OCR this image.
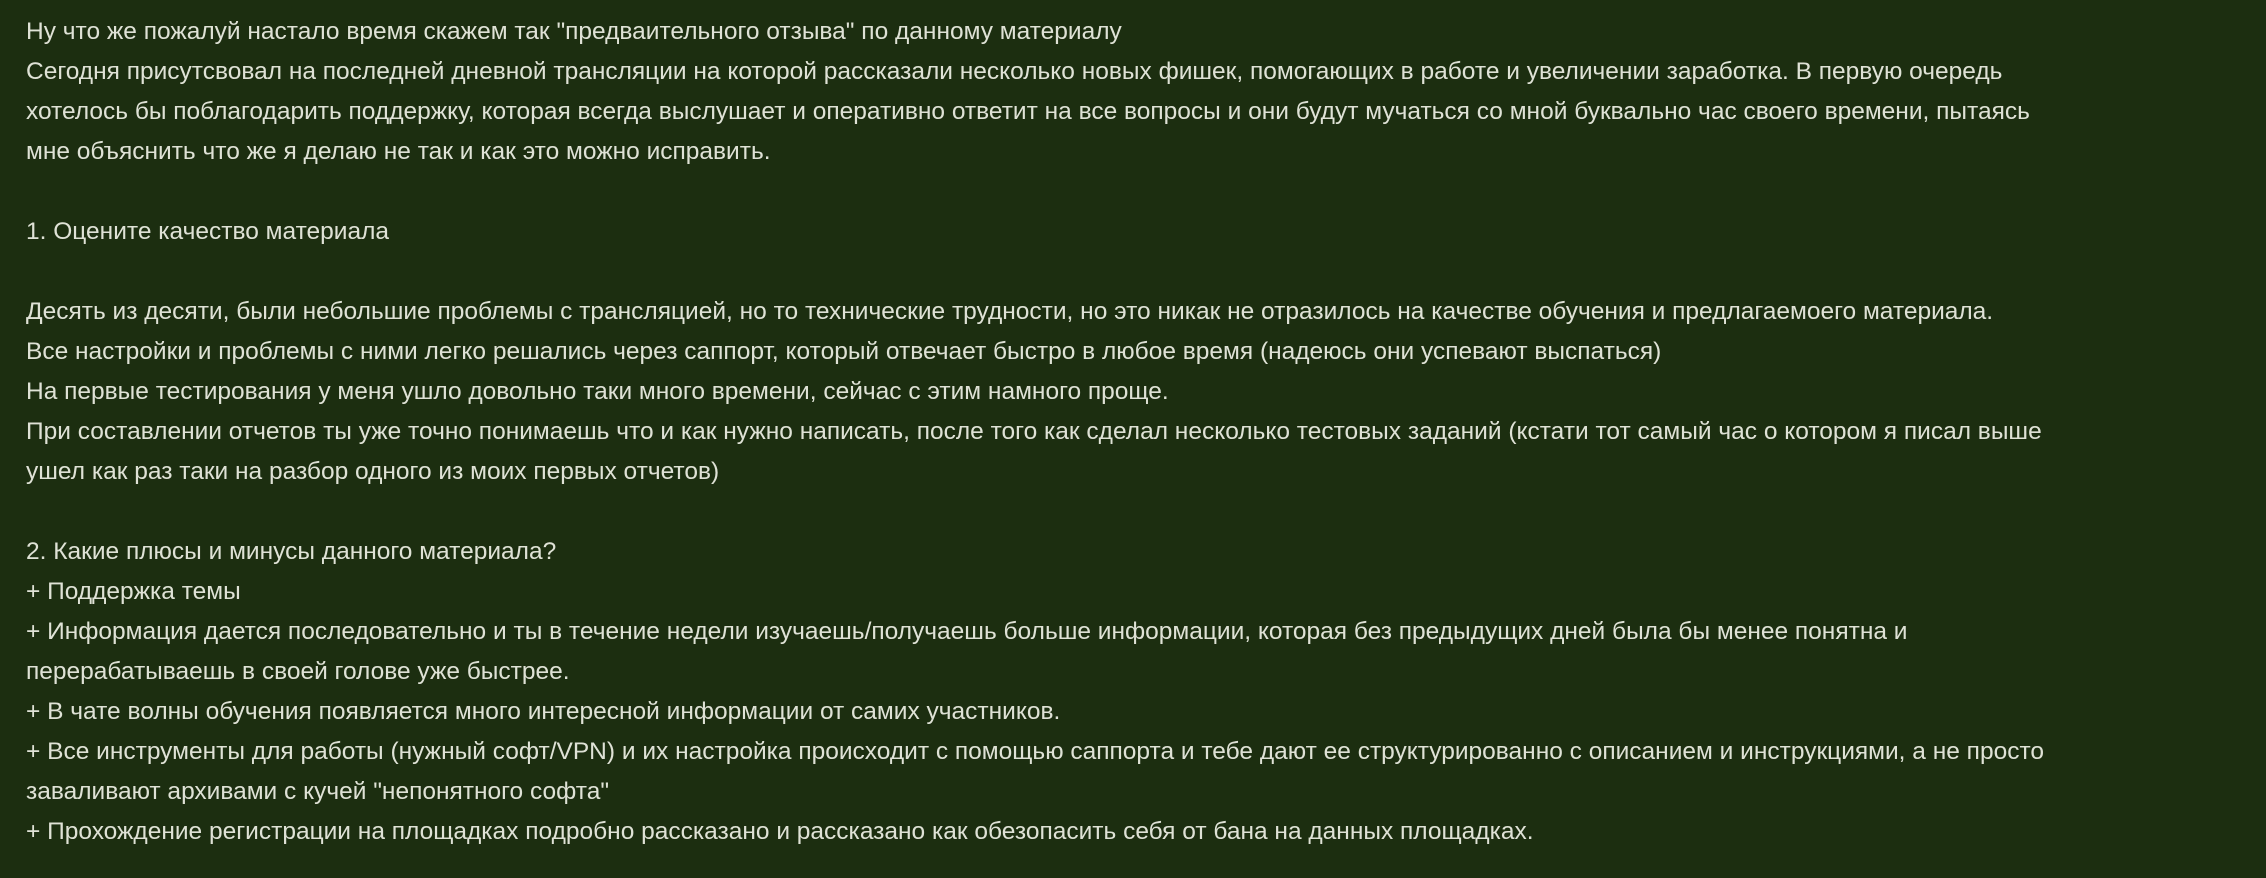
Ну что же пожалуй настало время скажем так "предваительного отзыва" по данному материалу
Сегодня присутсвовал на последней дневной трансляции на которой рассказали несколько новых фишек, помогающих в работе и увеличении заработка. В первую очередь
хотелось бы поблагодарить поддержку, которая всегда выслушает и оперативно ответит на все вопросы и они будут мучаться со мной буквально час своего времени, пытаясь
мне объяснить что же я делаю не так и как это можно исправить.
1. Оцените качество материала
Десять из десяти, были небольшие проблемы с трансляцией, но то технические трудности, но это никак не отразилось на качестве обучения и предлагаемоего материала.
Все настройки и проблемы с ними легко решались через саппорт, который отвечает быстро в любое время (надеюсь они успевают выспаться)
На первые тестирования у меня ушло довольно таки много времени, сейчас с этим намного проще.
При составлении отчетов ты уже точно понимаешь что и как нужно написать, после того как сделал несколько тестовых заданий (кстати тот самый час о котором я писал выше
ушел как раз таки на разбор одного из моих первых отчетов)
2. Какие плюсы и минусы данного материала?
+ Поддержка темы
+ Информация дается последовательно и ты в течение недели изучаешь/получаешь больше информации, которая без предыдущих дней была бы менее понятна и
перерабатываешь в своей голове уже быстрее.
+ В чате волны обучения появляется много интересной информации от самих участников.
+ Все инструменты для работы (нужный софт/VPN) и их настройка происходит с помощью саппорта и тебе дают ее структурированно с описанием и инструкциями, а не просто
заваливают архивами с кучей "непонятного софта"
+ Прохождение регистрации на площадках подробно рассказано и рассказано как обезопасить себя от бана на данных площадках.
